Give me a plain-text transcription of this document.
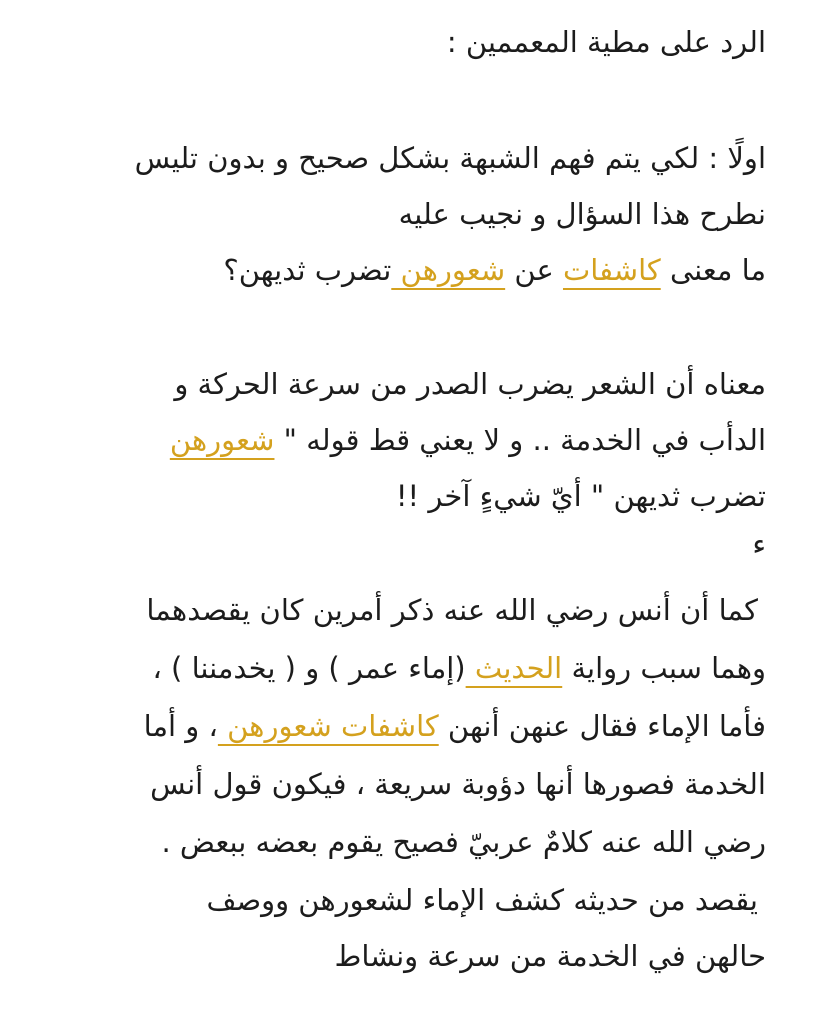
الرد على مطية المعممين :
اولًا : لكي يتم فهم الشبهة بشكل صحيح و بدون تليس
نطرح هذا السؤال و نجيب عليه
ما معنى كاشفات عن شعورهن تضرب ثديهن؟
معناه أن الشعر يضرب الصدر من سرعة الحركة و
الدأب في الخدمة .. و لا يعني قط قوله " شعورهن
تضرب ثديهن " أيّ شيءٍ آخر !!
ء
كما أن أنس رضي الله عنه ذكر أمرين كان يقصدهما
وهما سبب رواية الحديث (إماء عمر ) و ( يخدمننا ) ،
فأما الإماء فقال عنهن أنهن كاشفات شعورهن ، و أما
الخدمة فصورها أنها دؤوبة سريعة ، فيكون قول أنس
رضي الله عنه كلامٌ عربيّ فصيح يقوم بعضه ببعض .
يقصد من حديثه كشف الإماء لشعورهن ووصف
حالهن في الخدمة من سرعة ونشاط
